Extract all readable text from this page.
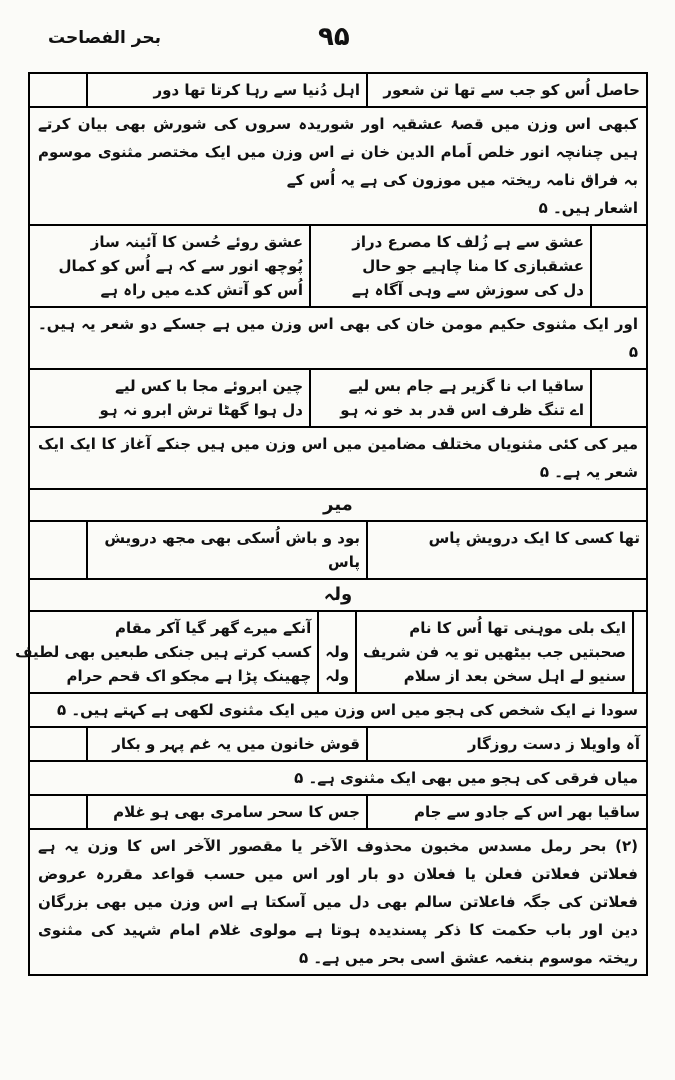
بحر الفصاحت	۹۵
حاصل اُس کو جب سے تھا تن شعور
اہل دُنیا سے رہا کرتا تھا دور
کبھی اس وزن میں قصۂ عشقیہ اور شوریدہ سروں کی شورش بھی بیان کرتے ہیں چنانچہ انور خلص اَمام الدین خان نے اس وزن میں ایک مختصر مثنوی موسوم بہ فراق نامہ ریختہ میں موزون کی ہے یہ اُس کے
اشعار ہیں۔ ۵
عشق سے ہے زُلف کا مصرع دراز
عشقبازی کا منا چاہیے جو حال
دل کی سوزش سے وہی آگاہ ہے
عشق روئے حُسن کا آئینہ ساز
پُوچھ انور سے کہ ہے اُس کو کمال
اُس کو آتش کدے میں راہ ہے
اور ایک مثنوی حکیم مومن خان کی بھی اس وزن میں ہے جسکے دو شعر یہ ہیں۔ ۵
ساقیا اب نا گزیر ہے جام بس لیے
اے تنگ ظرف اس قدر بد خو نہ ہو
چین ابروئے مجا با کس لیے
دل ہوا گھٹا ترش ابرو نہ ہو
میر کی کئی مثنویاں مختلف مضامین میں اس وزن میں ہیں جنکے آغاز کا ایک ایک شعر یہ ہے۔ ۵
میر
تھا کسی کا ایک درویش پاس
بود و باش اُسکی بھی مجھ درویش پاس
ولہ
ایک بلی موہنی تھا اُس کا نام
صحبتیں جب بیٹھیں تو یہ فن شریف
سنیو لے اہل سخن بعد از سلام

ولہ
ولہ
آنکے میرے گھر گیا آکر مقام
کسب کرتے ہیں جنکی طبعیں بھی لطیف
چھینک پڑا ہے مجکو اک قحم حرام
سودا نے ایک شخص کی ہجو میں اس وزن میں ایک مثنوی لکھی ہے کہتے ہیں۔ ۵
آہ واویلا ز دست روزگار
قوش خانون میں یہ غم پہر و بکار
میاں فرقی کی ہجو میں بھی ایک مثنوی ہے۔ ۵
ساقیا بھر اس کے جادو سے جام
جس کا سحر سامری بھی ہو غلام
(۲) بحر رمل مسدس مخبون محذوف الآخر یا مقصور الآخر اس کا وزن یہ ہے فعلاتن فعلاتن فعلن یا فعلان دو بار اور اس میں حسب قواعد مقررہ عروض فعلاتن کی جگہ فاعلاتن سالم بھی دل میں آسکتا ہے اس وزن میں بھی بزرگان دین اور باب حکمت کا ذکر پسندیدہ ہوتا ہے مولوی غلام امام شہید کی مثنوی ریختہ موسوم بنغمہ عشق اسی بحر میں ہے۔ ۵
